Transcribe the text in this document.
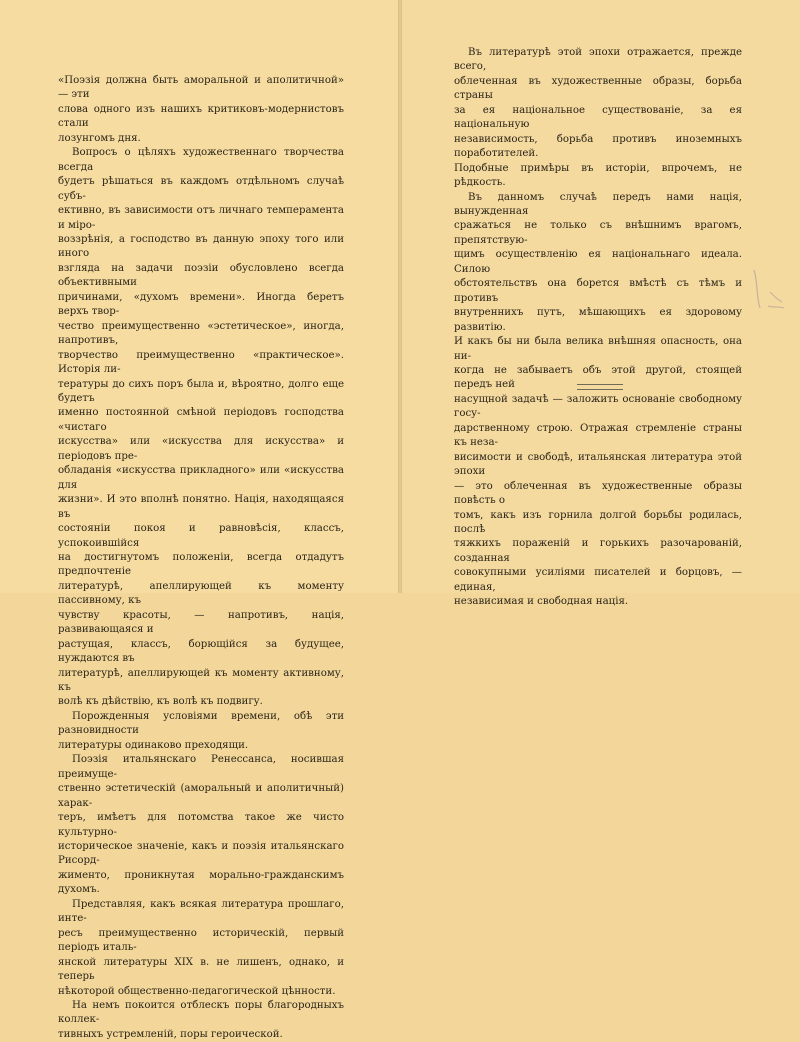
«Поэзія должна быть аморальной и аполитичной» — эти
слова одного изъ нашихъ критиковъ-модернистовъ стали
лозунгомъ дня.

Вопросъ о цѣляхъ художественнаго творчества всегда
будетъ рѣшаться въ каждомъ отдѣльномъ случаѣ субъ-
ективно, въ зависимости отъ личнаго темперамента и міро-
воззрѣнія, а господство въ данную эпоху того или иного
взгляда на задачи поэзіи обусловлено всегда объективными
причинами, «духомъ времени». Иногда беретъ верхъ твор-
чество преимущественно «эстетическое», иногда, напротивъ,
творчество преимущественно «практическое». Исторія ли-
тературы до сихъ поръ была и, вѣроятно, долго еще будетъ
именно постоянной смѣной періодовъ господства «чистаго
искусства» или «искусства для искусства» и періодовъ пре-
обладанія «искусства прикладного» или «искусства для
жизни». И это вполнѣ понятно. Нація, находящаяся въ
состояніи покоя и равновѣсія, классъ, успокоившійся
на достигнутомъ положеніи, всегда отдадутъ предпочтеніе
литературѣ, апеллирующей къ моменту пассивному, къ
чувству красоты, — напротивъ, нація, развивающаяся и
растущая, классъ, борющійся за будущее, нуждаются въ
литературѣ, апеллирующей къ моменту активному, къ
волѣ къ дѣйствію, къ волѣ къ подвигу.

Порожденныя условіями времени, обѣ эти разновидности
литературы одинаково преходящи.

Поэзія итальянскаго Ренессанса, носившая преимуще-
ственно эстетическій (аморальный и аполитичный) харак-
теръ, имѣетъ для потомства такое же чисто культурно-
историческое значеніе, какъ и поэзія итальянскаго Рисорд-
жименто, проникнутая морально-гражданскимъ духомъ.

Представляя, какъ всякая литература прошлаго, инте-
ресъ преимущественно историческій, первый періодъ италь-
янской литературы XIX в. не лишенъ, однако, и теперь
нѣкоторой общественно-педагогической цѣнности.

На немъ покоится отблескъ поры благородныхъ коллек-
тивныхъ устремленій, поры героической.

Въ литературѣ этой эпохи отражается, прежде всего,
облеченная въ художественные образы, борьба страны
за ея національное существованіе, за ея національную
независимость, борьба противъ иноземныхъ поработителей.
Подобные примѣры въ исторіи, впрочемъ, не рѣдкость.

Въ данномъ случаѣ передъ нами нація, вынужденная
сражаться не только съ внѣшнимъ врагомъ, препятствую-
щимъ осуществленію ея національнаго идеала. Силою
обстоятельствъ она борется вмѣстѣ съ тѣмъ и противъ
внутреннихъ путъ, мѣшающихъ ея здоровому развитію.
И какъ бы ни была велика внѣшняя опасность, она ни-
когда не забываетъ объ этой другой, стоящей передъ ней
насущной задачѣ — заложить основаніе свободному госу-
дарственному строю. Отражая стремленіе страны къ неза-
висимости и свободѣ, итальянская литература этой эпохи
— это облеченная въ художественные образы повѣсть о
томъ, какъ изъ горнила долгой борьбы родилась, послѣ
тяжкихъ пораженій и горькихъ разочарованій, созданная
совокупными усиліями писателей и борцовъ, — единая,
независимая и свободная нація.
